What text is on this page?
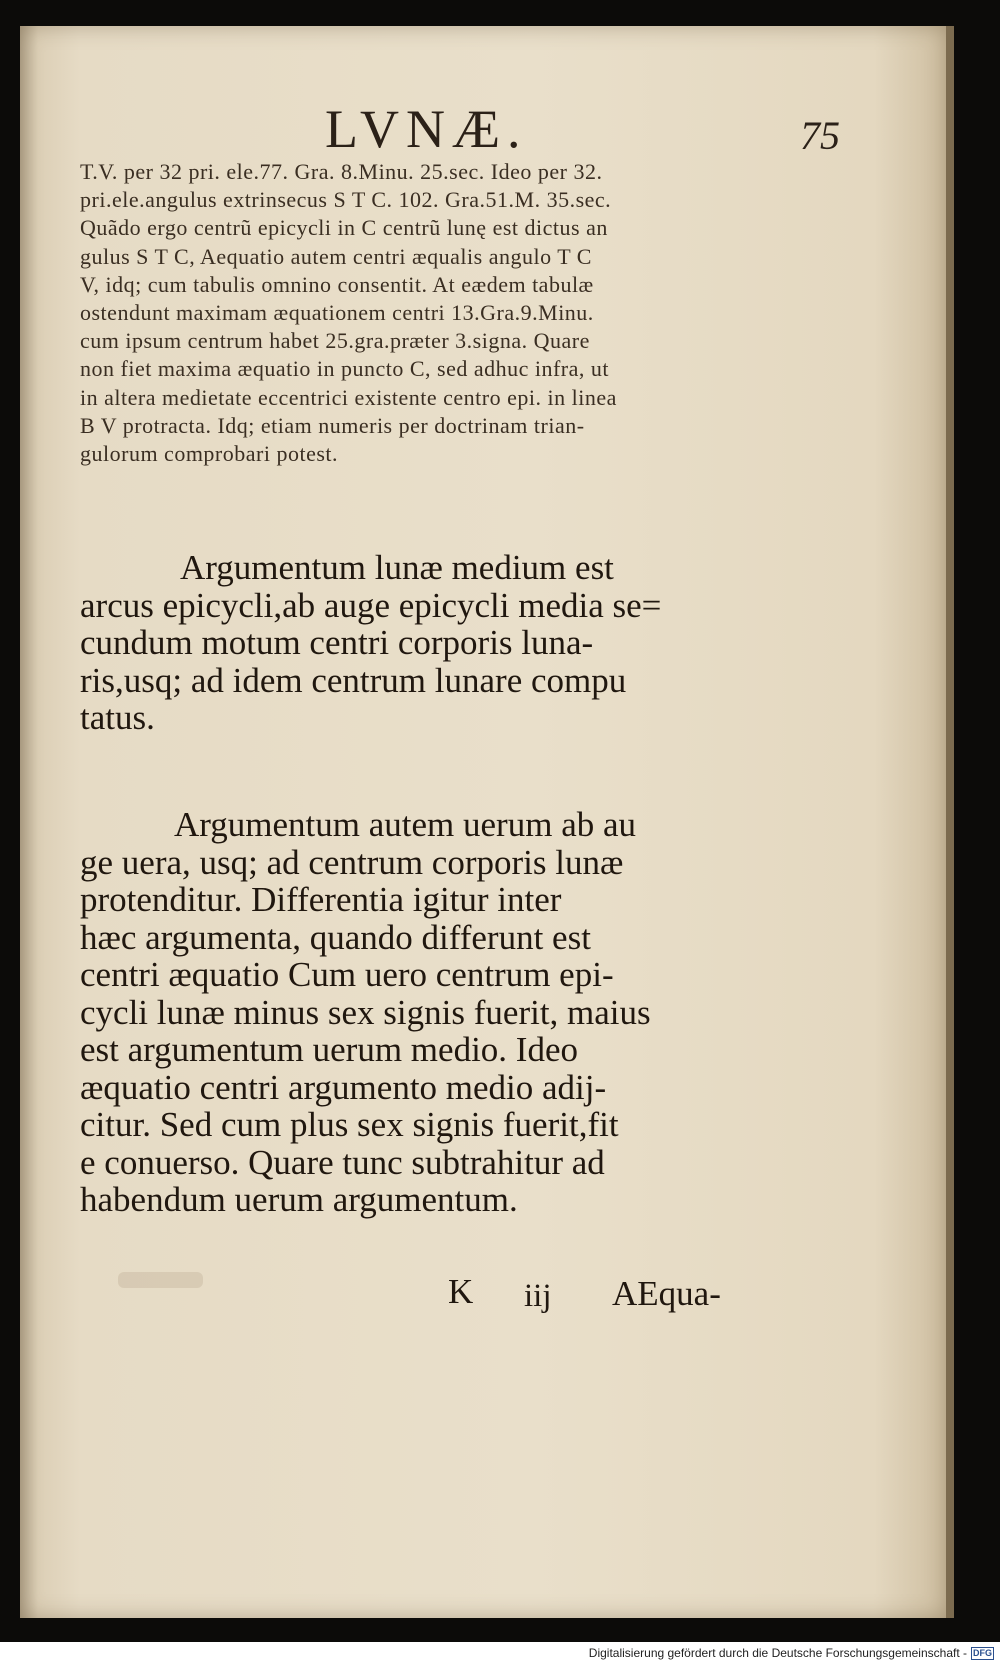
LVNÆ.	75
T.V. per 32 pri. ele.77. Gra. 8.Minu. 25.sec. Ideo per 32.
pri.ele.angulus extrinsecus S T C. 102. Gra.51.M. 35.sec.
Quãdo ergo centrũ epicycli in C centrũ lunę est dictus an
gulus S T C, Aequatio autem centri æqualis angulo T C
V, idq; cum tabulis omnino consentit. At eædem tabulæ
ostendunt maximam æquationem centri 13.Gra.9.Minu.
cum ipsum centrum habet 25.gra.præter 3.signa. Quare
non fiet maxima æquatio in puncto C, sed adhuc infra, ut
in altera medietate eccentrici existente centro epi. in linea
B V protracta. Idq; etiam numeris per doctrinam trian-
gulorum comprobari potest.
Argumentum lunæ medium est
arcus epicycli,ab auge epicycli media se=
cundum motum centri corporis luna-
ris,usq; ad idem centrum lunare compu
tatus.
Argumentum autem uerum ab au
ge uera, usq; ad centrum corporis lunæ
protenditur. Differentia igitur inter
hæc argumenta, quando differunt est
centri æquatio Cum uero centrum epi-
cycli lunæ minus sex signis fuerit, maius
est argumentum uerum medio. Ideo
æquatio centri argumento medio adij-
citur. Sed cum plus sex signis fuerit,fit
e conuerso. Quare tunc subtrahitur ad
habendum uerum argumentum.
K iij AEqua-
Digitalisierung gefördert durch die Deutsche Forschungsgemeinschaft - DFG
